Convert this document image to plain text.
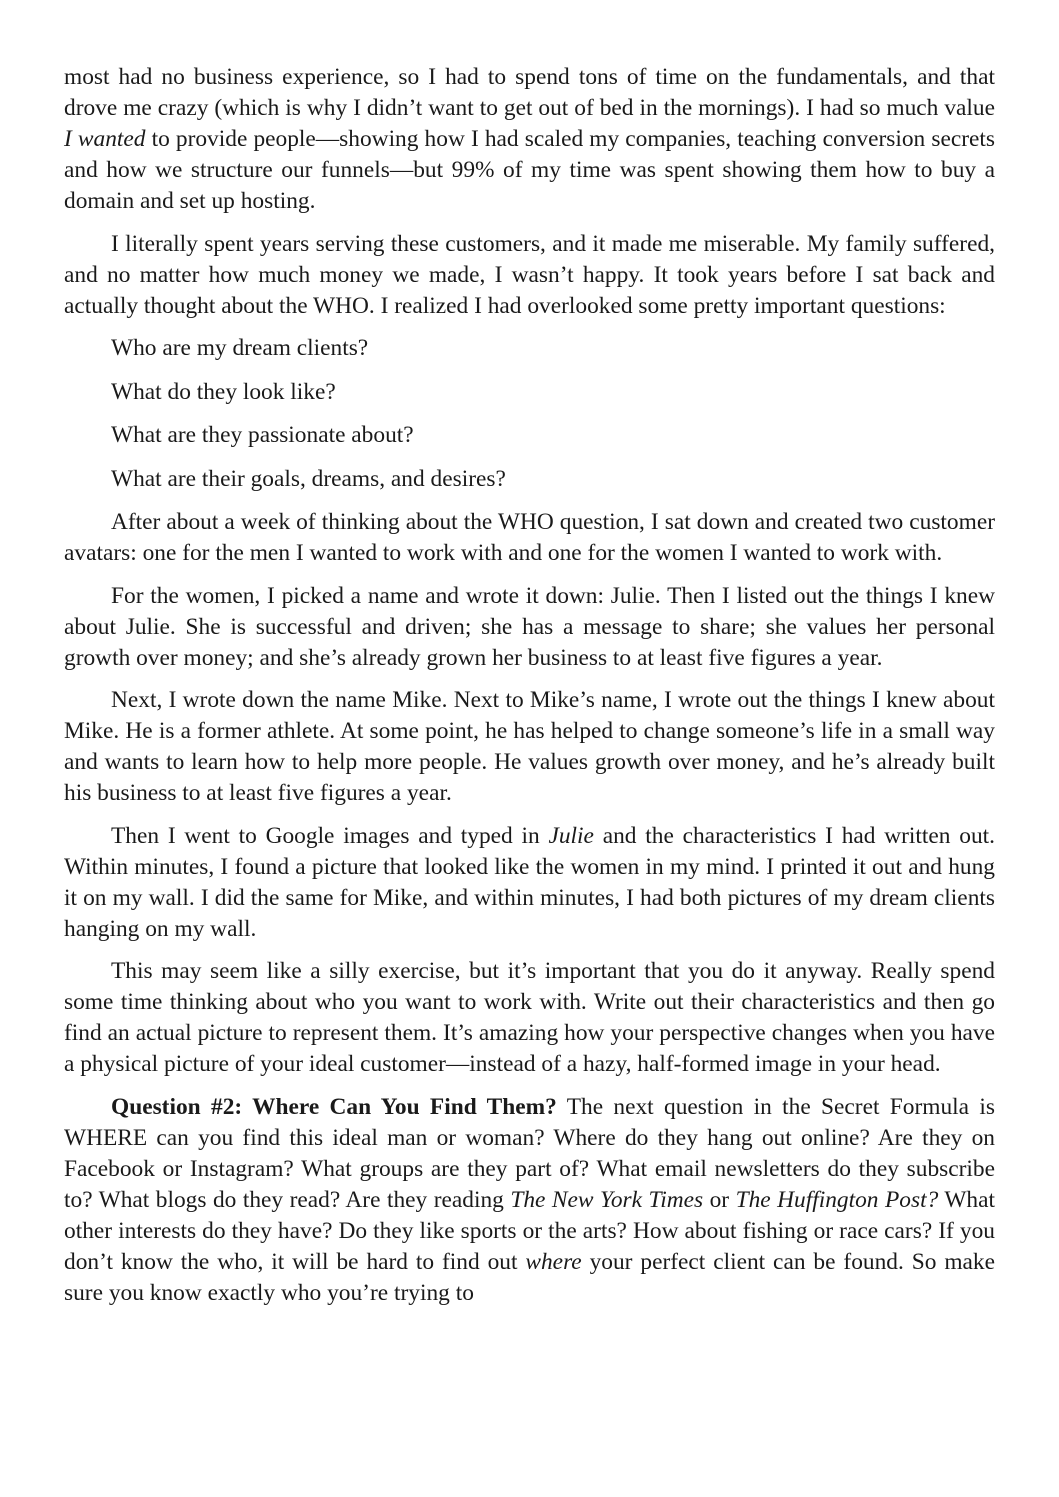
most had no business experience, so I had to spend tons of time on the fundamentals, and that drove me crazy (which is why I didn’t want to get out of bed in the mornings). I had so much value I wanted to provide people—showing how I had scaled my companies, teaching conversion secrets and how we structure our funnels—but 99% of my time was spent showing them how to buy a domain and set up hosting.

I literally spent years serving these customers, and it made me miserable. My family suffered, and no matter how much money we made, I wasn’t happy. It took years before I sat back and actually thought about the WHO. I realized I had overlooked some pretty important questions:

Who are my dream clients?

What do they look like?

What are they passionate about?

What are their goals, dreams, and desires?

After about a week of thinking about the WHO question, I sat down and created two customer avatars: one for the men I wanted to work with and one for the women I wanted to work with.

For the women, I picked a name and wrote it down: Julie. Then I listed out the things I knew about Julie. She is successful and driven; she has a message to share; she values her personal growth over money; and she’s already grown her business to at least five figures a year.

Next, I wrote down the name Mike. Next to Mike’s name, I wrote out the things I knew about Mike. He is a former athlete. At some point, he has helped to change someone’s life in a small way and wants to learn how to help more people. He values growth over money, and he’s already built his business to at least five figures a year.

Then I went to Google images and typed in Julie and the characteristics I had written out. Within minutes, I found a picture that looked like the women in my mind. I printed it out and hung it on my wall. I did the same for Mike, and within minutes, I had both pictures of my dream clients hanging on my wall.

This may seem like a silly exercise, but it’s important that you do it anyway. Really spend some time thinking about who you want to work with. Write out their characteristics and then go find an actual picture to represent them. It’s amazing how your perspective changes when you have a physical picture of your ideal customer—instead of a hazy, half-formed image in your head.

Question #2: Where Can You Find Them? The next question in the Secret Formula is WHERE can you find this ideal man or woman? Where do they hang out online? Are they on Facebook or Instagram? What groups are they part of? What email newsletters do they subscribe to? What blogs do they read? Are they reading The New York Times or The Huffington Post? What other interests do they have? Do they like sports or the arts? How about fishing or race cars? If you don’t know the who, it will be hard to find out where your perfect client can be found. So make sure you know exactly who you’re trying to
